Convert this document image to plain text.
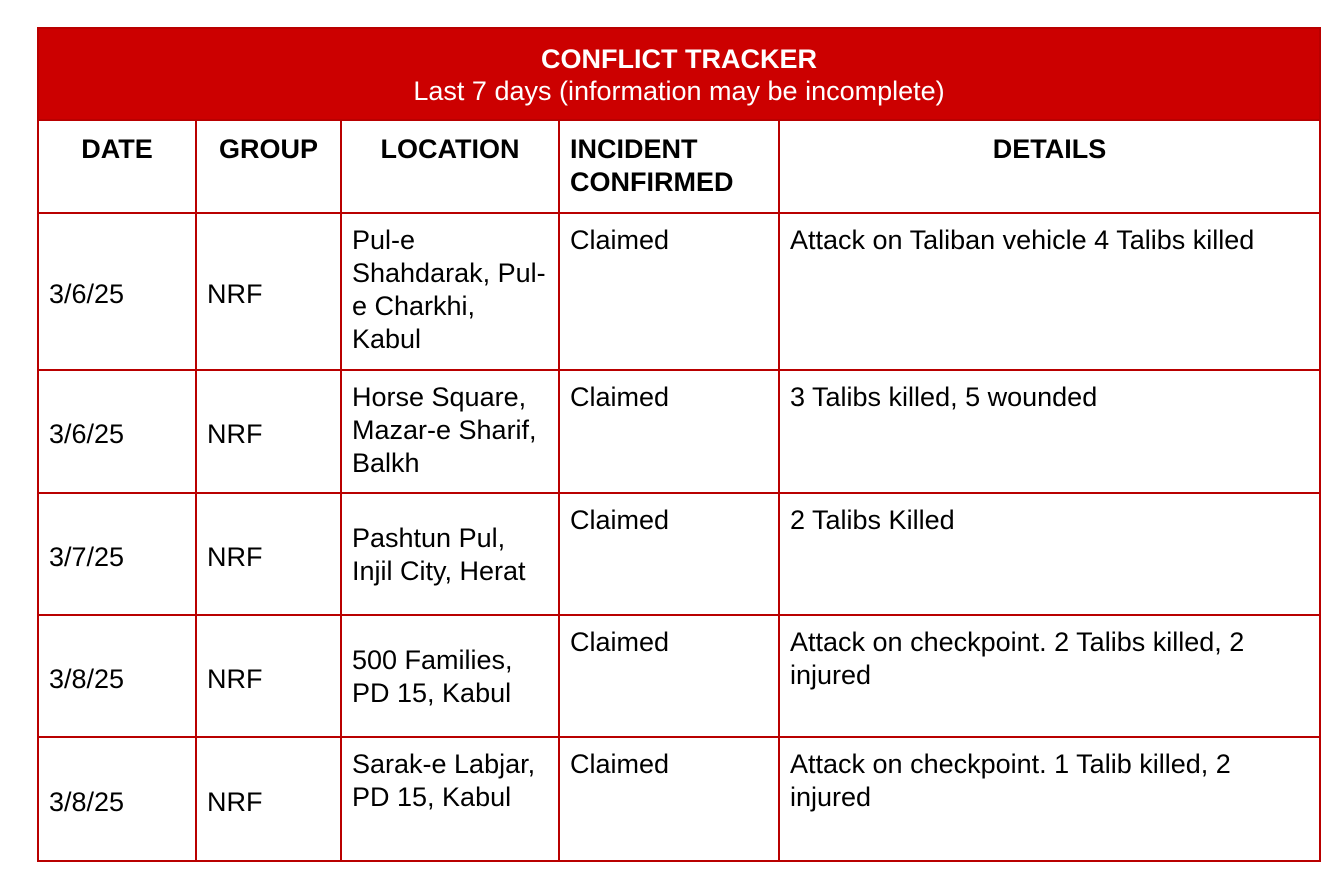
CONFLICT TRACKER
Last 7 days (information may be incomplete)				

DATE	GROUP	LOCATION	INCIDENT CONFIRMED	DETAILS
3/6/25	NRF	Pul-e Shahdarak, Pul-e Charkhi, Kabul	Claimed	Attack on Taliban vehicle 4 Talibs killed
3/6/25	NRF	Horse Square, Mazar-e Sharif, Balkh	Claimed	3 Talibs killed, 5 wounded
3/7/25	NRF	Pashtun Pul, Injil City, Herat	Claimed	2 Talibs Killed
3/8/25	NRF	500 Families, PD 15, Kabul	Claimed	Attack on checkpoint. 2 Talibs killed, 2 injured
3/8/25	NRF	Sarak-e Labjar, PD 15, Kabul	Claimed	Attack on checkpoint. 1 Talib killed, 2 injured
